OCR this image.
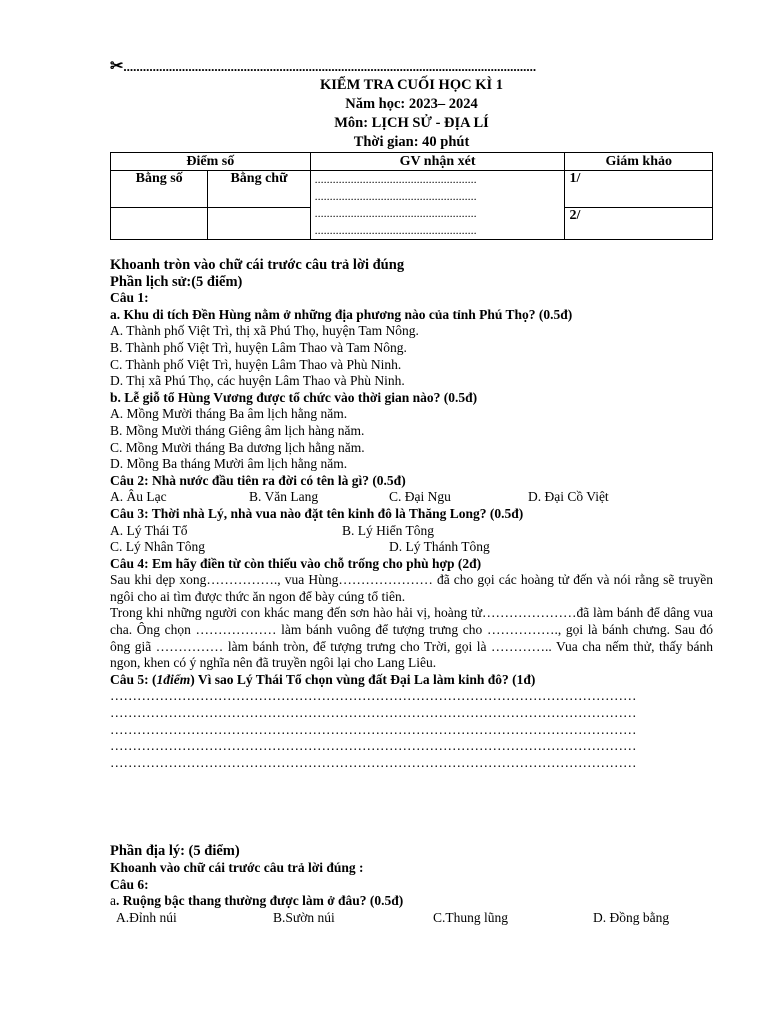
✂...............................................................................................................................
KIỂM TRA CUỐI HỌC KÌ 1
Năm học: 2023– 2024
Môn: LỊCH SỬ - ĐỊA LÍ
Thời gian: 40 phút
Điểm số		GV nhận xét	Giám khảo
Bằng số	Bằng chữ	......................................................
......................................................
......................................................
......................................................	1/
			2/
Khoanh tròn vào chữ cái trước câu trả lời đúng
Phần lịch sử:(5 điểm)
Câu 1:
a. Khu di tích Đền Hùng nằm ở những địa phương nào của tỉnh Phú Thọ? (0.5đ)
A. Thành phố Việt Trì, thị xã Phú Thọ, huyện Tam Nông.
B. Thành phố Việt Trì, huyện Lâm Thao và Tam Nông.
C. Thành phố Việt Trì, huyện Lâm Thao và Phù Ninh.
D. Thị xã Phú Thọ, các huyện Lâm Thao và Phù Ninh.
b. Lễ giỗ tổ Hùng Vương được tổ chức vào thời gian nào? (0.5đ)
A. Mồng Mười tháng Ba âm lịch hằng năm.
B. Mồng Mười tháng Giêng âm lịch hàng năm.
C. Mồng Mười tháng Ba dương lịch hằng năm.
D. Mồng Ba tháng Mười âm lịch hằng năm.
Câu 2: Nhà nước đầu tiên ra đời có tên là gì? (0.5đ)
A. Âu Lạc	B. Văn Lang	C. Đại Ngu	D. Đại Cồ Việt
Câu 3: Thời nhà Lý, nhà vua nào đặt tên kinh đô là Thăng Long? (0.5đ)
A. Lý Thái Tổ	B. Lý Hiển Tông
C. Lý Nhân Tông	D. Lý Thánh Tông
Câu 4: Em hãy điền từ còn thiếu vào chỗ trống cho phù hợp (2đ)
Sau khi dẹp xong……………., vua Hùng………………… đã cho gọi các hoàng tử đến và nói rằng sẽ truyền ngôi cho ai tìm được thức ăn ngon để bày cúng tổ tiên.
Trong khi những người con khác mang đến sơn hào hải vị, hoàng tử…………………đã làm bánh để dâng vua cha. Ông chọn ……………… làm bánh vuông để tượng trưng cho ……………., gọi là bánh chưng. Sau đó ông giã …………… làm bánh tròn, để tượng trưng cho Trời, gọi là ………….. Vua cha nếm thử, thấy bánh ngon, khen có ý nghĩa nên đã truyền ngôi lại cho Lang Liêu.
Câu 5: (1điểm) Vì sao Lý Thái Tổ chọn vùng đất Đại La làm kinh đô? (1đ)
………………………………………………………………………………………………………
………………………………………………………………………………………………………
………………………………………………………………………………………………………
………………………………………………………………………………………………………
………………………………………………………………………………………………………
Phần địa lý: (5 điểm)
Khoanh vào chữ cái trước câu trả lời đúng :
Câu 6:
a. Ruộng bậc thang thường được làm ở đâu? (0.5đ)
A.Đỉnh núi	B.Sườn núi	C.Thung lũng	D. Đồng bằng
